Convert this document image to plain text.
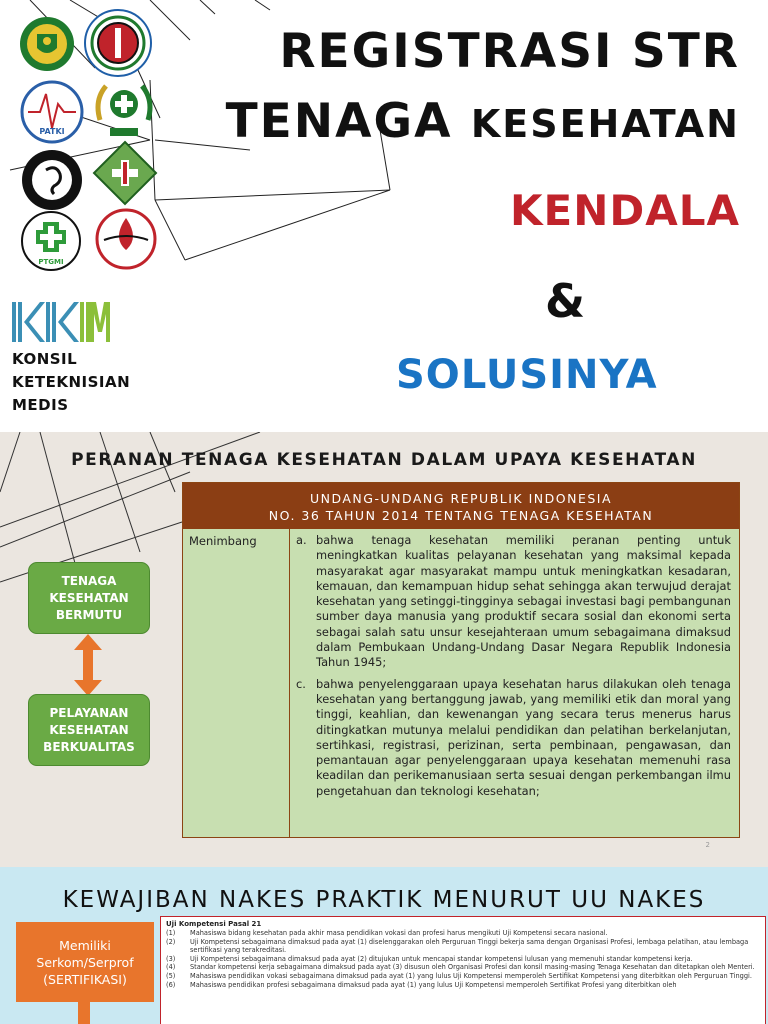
PATKI
PTGMI
REGISTRASI STR
TENAGA KESEHATAN
KENDALA
&
SOLUSINYA
KONSIL
KETEKNISIAN
MEDIS
PERANAN TENAGA KESEHATAN DALAM UPAYA KESEHATAN
TENAGA KESEHATAN BERMUTU
PELAYANAN KESEHATAN BERKUALITAS
UNDANG-UNDANG REPUBLIK INDONESIA
NO. 36 TAHUN 2014 TENTANG TENAGA KESEHATAN
Menimbang	a. bahwa tenaga kesehatan memiliki peranan penting untuk meningkatkan kualitas pelayanan kesehatan yang maksimal kepada masyarakat agar masyarakat mampu untuk meningkatkan kesadaran, kemauan, dan kemampuan hidup sehat sehingga akan terwujud derajat kesehatan yang setinggi-tingginya sebagai investasi bagi pembangunan sumber daya manusia yang produktif secara sosial dan ekonomi serta sebagai salah satu unsur kesejahteraan umum sebagaimana dimaksud dalam Pembukaan Undang-Undang Dasar Negara Republik Indonesia Tahun 1945;
c. bahwa penyelenggaraan upaya kesehatan harus dilakukan oleh tenaga kesehatan yang bertanggung jawab, yang memiliki etik dan moral yang tinggi, keahlian, dan kewenangan yang secara terus menerus harus ditingkatkan mutunya melalui pendidikan dan pelatihan berkelanjutan, sertihkasi, registrasi, perizinan, serta pembinaan, pengawasan, dan pemantauan agar penyelenggaraan upaya kesehatan memenuhi rasa keadilan dan perikemanusiaan serta sesuai dengan perkembangan ilmu pengetahuan dan teknologi kesehatan;
2
KEWAJIBAN NAKES PRAKTIK MENURUT UU NAKES
Memiliki Serkom/Serprof (SERTIFIKASI)
Uji Kompetensi Pasal 21
(1)	Mahasiswa bidang kesehatan pada akhir masa pendidikan vokasi dan profesi harus mengikuti Uji Kompetensi secara nasional.
(2)	Uji Kompetensi sebagaimana dimaksud pada ayat (1) diselenggarakan oleh Perguruan Tinggi bekerja sama dengan Organisasi Profesi, lembaga pelatihan, atau lembaga sertifikasi yang terakreditasi.
(3)	Uji Kompetensi sebagaimana dimaksud pada ayat (2) ditujukan untuk mencapai standar kompetensi lulusan yang memenuhi standar kompetensi kerja.
(4)	Standar kompetensi kerja sebagaimana dimaksud pada ayat (3) disusun oleh Organisasi Profesi dan konsil masing-masing Tenaga Kesehatan dan ditetapkan oleh Menteri.
(5)	Mahasiswa pendidikan vokasi sebagaimana dimaksud pada ayat (1) yang lulus Uji Kompetensi memperoleh Sertifikat Kompetensi yang diterbitkan oleh Perguruan Tinggi.
(6)	Mahasiswa pendidikan profesi sebagaimana dimaksud pada ayat (1) yang lulus Uji Kompetensi memperoleh Sertifikat Profesi yang diterbitkan oleh
